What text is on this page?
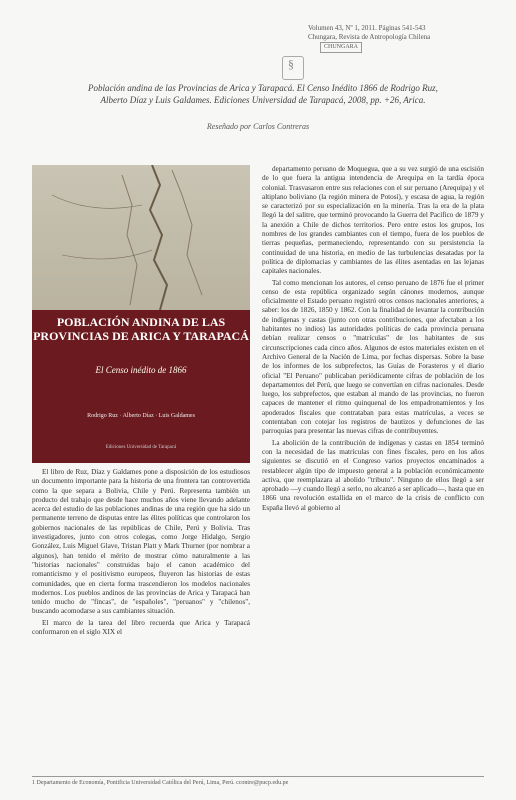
§
Volumen 43, Nº 1, 2011. Páginas 541-543
Chungara, Revista de Antropología Chilena
CHUNGARA
Población andina de las Provincias de Arica y Tarapacá. El Censo Inédito 1866 de Rodrigo Ruz,
Alberto Díaz y Luis Galdames. Ediciones Universidad de Tarapacá, 2008, pp. +26, Arica.
Reseñado por Carlos Contreras
POBLACIÓN ANDINA DE LAS PROVINCIAS DE ARICA Y TARAPACÁ
El Censo inédito de 1866
Rodrigo Ruz · Alberto Díaz · Luis Galdames
Ediciones Universidad de Tarapacá

El libro de Ruz, Díaz y Galdames pone a disposición de los estudiosos un documento importante para la historia de una frontera tan controvertida como la que separa a Bolivia, Chile y Perú. Representa también un producto del trabajo que desde hace muchos años viene llevando adelante acerca del estudio de las poblaciones andinas de una región que ha sido un permanente terreno de disputas entre las élites políticas que controlaron los gobiernos nacionales de las repúblicas de Chile, Perú y Bolivia. Tras investigadores, junto con otros colegas, como Jorge Hidalgo, Sergio González, Luis Miguel Glave, Tristan Platt y Mark Thurner (por nombrar a algunos), han tenido el mérito de mostrar cómo naturalmente a las "historias nacionales" construidas bajo el canon académico del romanticismo y el positivismo europeos, fluyeron las historias de estas comunidades, que en cierta forma trascendieron los modelos nacionales modernos. Los pueblos andinos de las provincias de Arica y Tarapacá han tenido mucho de "fincas", de "españoles", "peruanos" y "chilenos", buscando acomodarse a sus cambiantes situación.

El marco de la tarea del libro recuerda que Arica y Tarapacá conformaron en el siglo XIX el

departamento peruano de Moquegua, que a su vez surgió de una escisión de lo que fuera la antigua intendencia de Arequipa en la tardía época colonial. Trasvasaron entre sus relaciones con el sur peruano (Arequipa) y el altiplano boliviano (la región minera de Potosí), y escasa de agua, la región se caracterizó por su especialización en la minería. Tras la era de la plata llegó la del salitre, que terminó provocando la Guerra del Pacífico de 1879 y la anexión a Chile de dichos territorios. Pero entre estos los grupos, los nombres de los grandes cambiantes con el tiempo, fuera de los pueblos de tierras pequeñas, permaneciendo, representando con su persistencia la continuidad de una historia, en medio de las turbulencias desatadas por la política de diplomacias y cambiantes de las élites asentadas en las lejanas capitales nacionales.

Tal como mencionan los autores, el censo peruano de 1876 fue el primer censo de esta república organizado según cánones modernos, aunque oficialmente el Estado peruano registró otros censos nacionales anteriores, a saber: los de 1826, 1850 y 1862. Con la finalidad de levantar la contribución de indígenas y castas (junto con otras contribuciones, que afectaban a los habitantes no indios) las autoridades políticas de cada provincia peruana debían realizar censos o "matrículas" de los habitantes de sus circunscripciones cada cinco años. Algunos de estos materiales existen en el Archivo General de la Nación de Lima, por fechas dispersas. Sobre la base de los informes de los subprefectos, las Guías de Forasteros y el diario oficial "El Peruano" publicaban periódicamente cifras de población de los departamentos del Perú, que luego se convertían en cifras nacionales. Desde luego, los subprefectos, que estaban al mando de las provincias, no fueron capaces de mantener el ritmo quinquenal de los empadronamientos y los apoderados fiscales que contrataban para estas matrículas, a veces se contentaban con cotejar los registros de bautizos y defunciones de las parroquias para presentar las nuevas cifras de contribuyentes.

La abolición de la contribución de indígenas y castas en 1854 terminó con la necesidad de las matrículas con fines fiscales, pero en los años siguientes se discutió en el Congreso varios proyectos encaminados a restablecer algún tipo de impuesto general a la población económicamente activa, que reemplazara al abolido "tributo". Ninguno de ellos llegó a ser aprobado —y cuando llegó a serlo, no alcanzó a ser aplicado—, hasta que en 1866 una revolución estallida en el marco de la crisis de conflicto con España llevó al gobierno al

1 Departamento de Economía, Pontificia Universidad Católica del Perú, Lima, Perú. ccontre@pucp.edu.pe
